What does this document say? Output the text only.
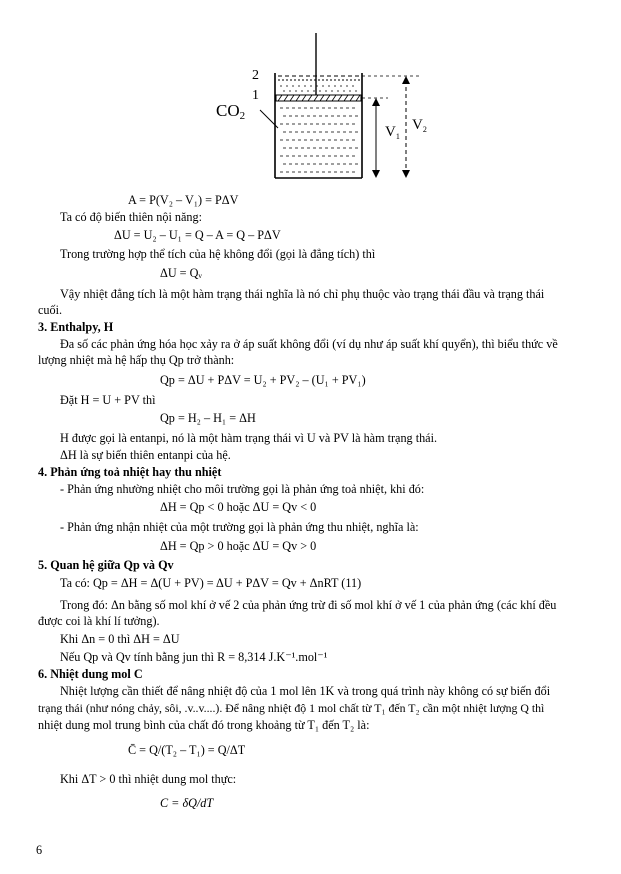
2
1
$CO_2$
$V_1$
$V_2$
A = P(V₂ – V₁) = PΔV
Ta có độ biến thiên nội năng:
ΔU = U₂ – U₁ = Q – A = Q – PΔV
Trong trường hợp thể tích của hệ không đổi (gọi là đẳng tích) thì
ΔU = Qᵥ
Vậy nhiệt đẳng tích là một hàm trạng thái nghĩa là nó chỉ phụ thuộc vào trạng thái đầu và trạng thái
cuối.
3. Enthalpy, H
Đa số các phản ứng hóa học xảy ra ở áp suất không đổi (ví dụ như áp suất khí quyển), thì biểu thức về
lượng nhiệt mà hệ hấp thụ Qp trở thành:
Qp = ΔU + PΔV = U₂ + PV₂ – (U₁ + PV₁)
Đặt H = U + PV thì
Qp = H₂ – H₁ = ΔH
H được gọi là entanpi, nó là một hàm trạng thái vì U và PV là hàm trạng thái.
ΔH là sự biến thiên entanpi của hệ.
4. Phản ứng toả nhiệt hay thu nhiệt
- Phản ứng nhường nhiệt cho môi trường gọi là phản ứng toả nhiệt, khi đó:
ΔH = Qp < 0 hoặc ΔU = Qv < 0
- Phản ứng nhận nhiệt của một trường gọi là phản ứng thu nhiệt, nghĩa là:
ΔH = Qp > 0 hoặc ΔU = Qv > 0
5. Quan hệ giữa Qp và Qv
Ta có: Qp = ΔH = Δ(U + PV) = ΔU + PΔV = Qv + ΔnRT (11)
Trong đó: Δn bằng số mol khí ở vế 2 của phản ứng trừ đi số mol khí ở vế 1 của phản ứng (các khí đều
được coi là khí lí tưởng).
Khi Δn = 0 thì ΔH = ΔU
Nếu Qp và Qv tính bằng jun thì R = 8,314 J.K⁻¹.mol⁻¹
6. Nhiệt dung mol C
Nhiệt lượng cần thiết để nâng nhiệt độ của 1 mol lên 1K và trong quá trình này không có sự biến đổi
trạng thái (như nóng chảy, sôi, .v..v....). Để nâng nhiệt độ 1 mol chất từ T₁ đến T₂ cần một nhiệt lượng Q thì
nhiệt dung mol trung bình của chất đó trong khoảng từ T₁ đến T₂ là:
C̄ = Q/(T₂ – T₁) = Q/ΔT
Khi ΔT > 0 thì nhiệt dung mol thực:
C = δQ/dT
6
